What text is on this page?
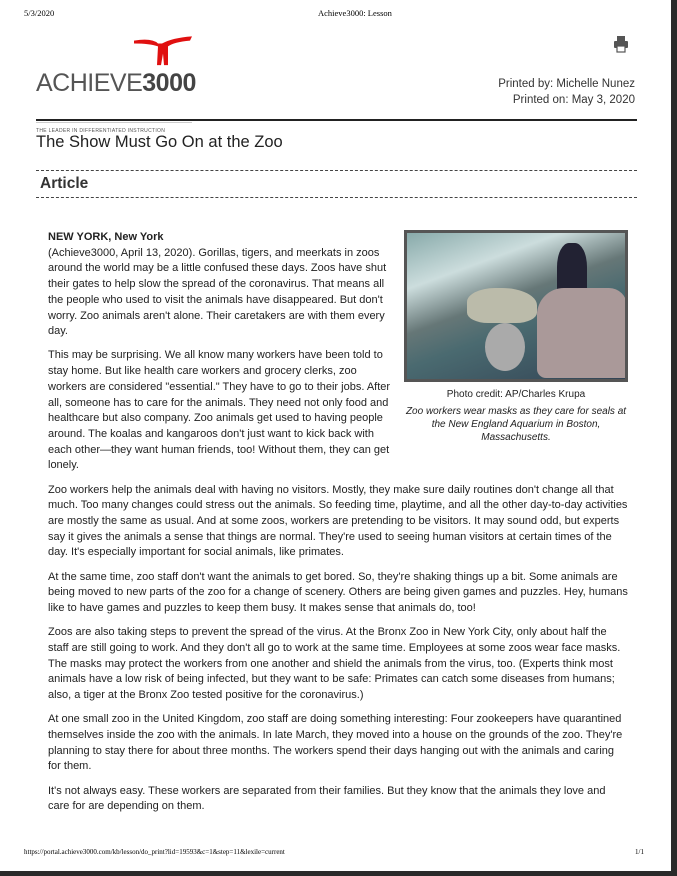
5/3/2020	Achieve3000: Lesson
ACHIEVE3000
THE LEADER IN DIFFERENTIATED INSTRUCTION
Printed by: Michelle Nunez
Printed on: May 3, 2020
The Show Must Go On at the Zoo
Article

NEW YORK, New York
(Achieve3000, April 13, 2020). Gorillas, tigers, and meerkats in zoos around the world may be a little confused these days. Zoos have shut their gates to help slow the spread of the coronavirus. That means all the people who used to visit the animals have disappeared. But don't worry. Zoo animals aren't alone. Their caretakers are with them every day.

This may be surprising. We all know many workers have been told to stay home. But like health care workers and grocery clerks, zoo workers are considered "essential." They have to go to their jobs. After all, someone has to care for the animals. They need not only food and healthcare but also company. Zoo animals get used to having people around. The koalas and kangaroos don't just want to kick back with each other—they want human friends, too! Without them, they can get lonely.

Photo credit: AP/Charles Krupa
Zoo workers wear masks as they care for seals at the New England Aquarium in Boston, Massachusetts.

Zoo workers help the animals deal with having no visitors. Mostly, they make sure daily routines don't change all that much. Too many changes could stress out the animals. So feeding time, playtime, and all the other day-to-day activities are mostly the same as usual. And at some zoos, workers are pretending to be visitors. It may sound odd, but experts say it gives the animals a sense that things are normal. They're used to seeing human visitors at certain times of the day. It's especially important for social animals, like primates.

At the same time, zoo staff don't want the animals to get bored. So, they're shaking things up a bit. Some animals are being moved to new parts of the zoo for a change of scenery. Others are being given games and puzzles. Hey, humans like to have games and puzzles to keep them busy. It makes sense that animals do, too!

Zoos are also taking steps to prevent the spread of the virus. At the Bronx Zoo in New York City, only about half the staff are still going to work. And they don't all go to work at the same time. Employees at some zoos wear face masks. The masks may protect the workers from one another and shield the animals from the virus, too. (Experts think most animals have a low risk of being infected, but they want to be safe: Primates can catch some diseases from humans; also, a tiger at the Bronx Zoo tested positive for the coronavirus.)

At one small zoo in the United Kingdom, zoo staff are doing something interesting: Four zookeepers have quarantined themselves inside the zoo with the animals. In late March, they moved into a house on the grounds of the zoo. They're planning to stay there for about three months. The workers spend their days hanging out with the animals and caring for them.

It's not always easy. These workers are separated from their families. But they know that the animals they love and care for are depending on them.

https://portal.achieve3000.com/kb/lesson/do_print?lid=19593&c=1&step=11&lexile=current	1/1
